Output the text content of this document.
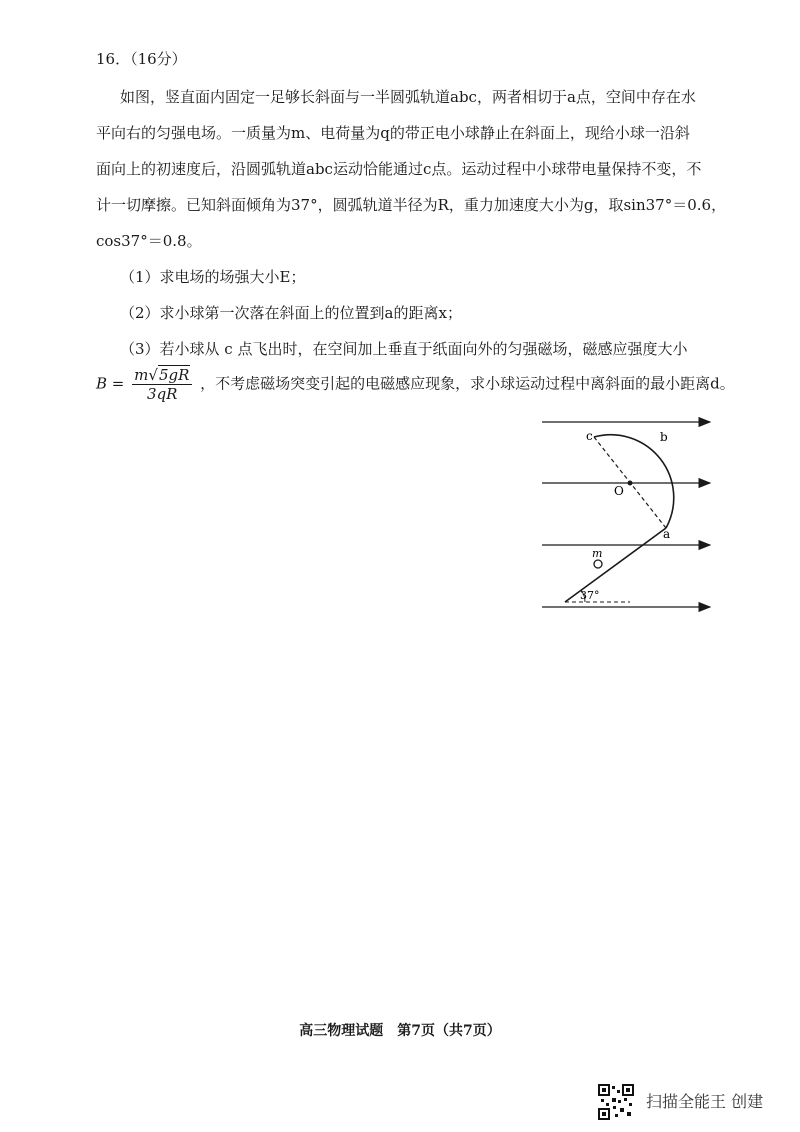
16．（16分）
如图，竖直面内固定一足够长斜面与一半圆弧轨道abc，两者相切于a点，空间中存在水
平向右的匀强电场。一质量为m、电荷量为q的带正电小球静止在斜面上，现给小球一沿斜
面向上的初速度后，沿圆弧轨道abc运动恰能通过c点。运动过程中小球带电量保持不变，不
计一切摩擦。已知斜面倾角为37°，圆弧轨道半径为R，重力加速度大小为g，取sin37°＝0.6，
cos37°＝0.8。
（1）求电场的场强大小E；
（2）求小球第一次落在斜面上的位置到a的距离x；
（3）若小球从 c 点飞出时，在空间加上垂直于纸面向外的匀强磁场，磁感应强度大小
$B = \frac{m√5gR}{3qR}$ ，不考虑磁场突变引起的电磁感应现象，求小球运动过程中离斜面的最小距离d。
c	b
O
a
m
37°
高三物理试题　第7页（共7页）
扫描全能王 创建
